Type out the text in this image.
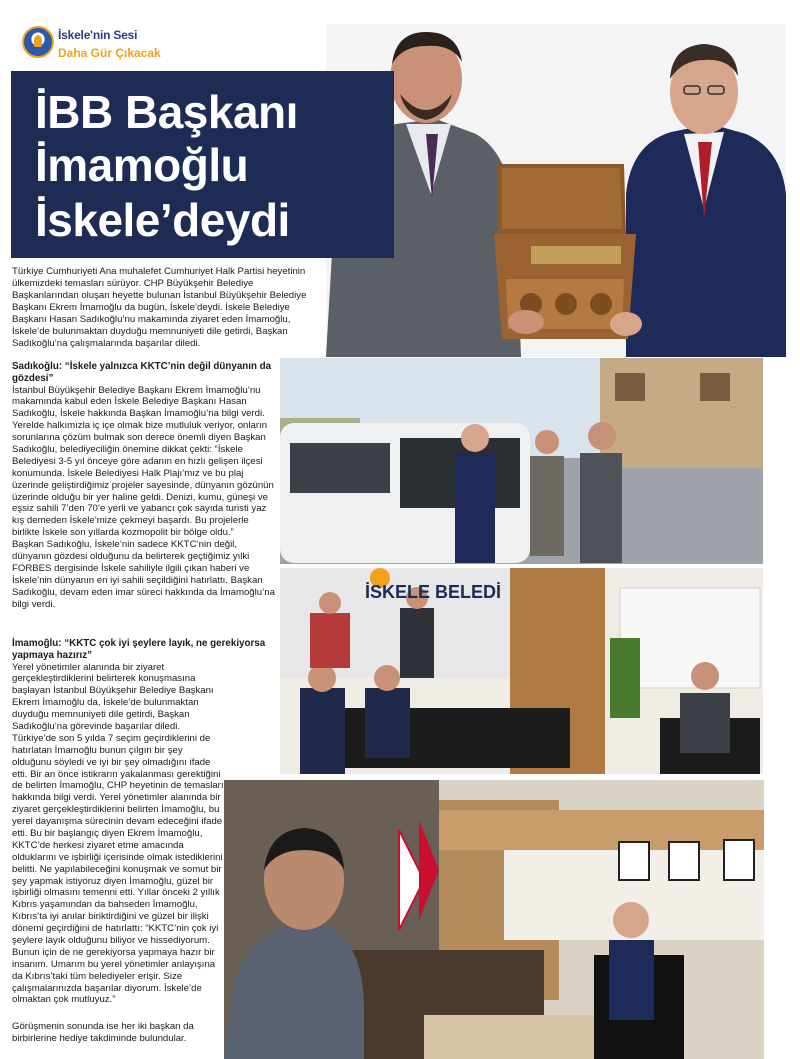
İskele'nin Sesi
Daha Gür Çıkacak
İBB Başkanı
İmamoğlu
İskele’deydi
Türkiye Cumhuriyeti Ana muhalefet Cumhuriyet Halk Partisi heyetinin ülkemizdeki temasları sürüyor. CHP Büyükşehir Belediye Başkanlarından oluşan heyette bulunan İstanbul Büyükşehir Belediye Başkanı Ekrem İmamoğlu da bugün, İskele’deydi. İskele Belediye Başkanı Hasan Sadıkoğlu’nu makamında ziyaret eden İmamoğlu, İskele’de bulunmaktan duyduğu memnuniyeti dile getirdi, Başkan Sadıkoğlu’na çalışmalarında başarılar diledi.
Sadıkoğlu: “İskele yalnızca KKTC’nin değil dünyanın da gözdesi”
İstanbul Büyükşehir Belediye Başkanı Ekrem İmamoğlu’nu makamında kabul eden İskele Belediye Başkanı Hasan Sadıkoğlu, İskele hakkında Başkan İmamoğlu’na bilgi verdi.
Yerelde halkımızla iç içe olmak bize mutluluk veriyor, onların sorunlarına çözüm bulmak son derece önemli diyen Başkan Sadıkoğlu, belediyeciliğin önemine dikkat çekti: “İskele Belediyesi 3-5 yıl önceye göre adanın en hızlı gelişen ilçesi konumunda. İskele Belediyesi Halk Plajı’mız ve bu plaj üzerinde geliştirdiğimiz projeler sayesinde, dünyanın gözünün üzerinde olduğu bir yer haline geldi. Denizi, kumu, güneşi ve eşsiz sahili 7’den 70’e yerli ve yabancı çok sayıda turisti yaz kış demeden İskele’mize çekmeyi başardı. Bu projelerle birlikte İskele son yıllarda kozmopolit bir bölge oldu.”
Başkan Sadıkoğlu, İskele’nin sadece KKTC’nin değil, dünyanın gözdesi olduğunu da belirterek geçtiğimiz yılki FORBES dergisinde İskele sahiliyle ilgili çıkan haberi ve İskele’nin dünyanın en iyi sahili seçildiğini hatırlattı. Başkan Sadıkoğlu, devam eden imar süreci hakkında da İmamoğlu’na bilgi verdi.
İmamoğlu: “KKTC çok iyi şeylere layık, ne gerekiyorsa yapmaya hazırız”
Yerel yönetimler alanında bir ziyaret gerçekleştirdiklerini belirterek konuşmasına başlayan İstanbul Büyükşehir Belediye Başkanı Ekrem İmamoğlu da, İskele’de bulunmaktan duyduğu memnuniyeti dile getirdi, Başkan Sadıkoğlu’na görevinde başarılar diledi. Türkiye’de son 5 yılda 7 seçim geçirdiklerini de hatırlatan İmamoğlu bunun çılgın bir şey olduğunu söyledi ve iyi bir şey olmadığını ifade etti. Bir an önce istikrarın yakalanması gerektiğini de belirten İmamoğlu, CHP heyetinin de temasları hakkında bilgi verdi. Yerel yönetimler alanında bir ziyaret gerçekleştirdiklerini belirten İmamoğlu, bu yerel dayanışma sürecinin devam edeceğini ifade etti. Bu bir başlangıç diyen Ekrem İmamoğlu, KKTC’de herkesi ziyaret etme amacında olduklarını ve işbirliği içerisinde olmak istediklerini belitti. Ne yapılabileceğini konuşmak ve somut bir şey yapmak istiyoruz diyen İmamoğlu, güzel bir işbirliği olmasını temenni etti. Yıllar önceki 2 yıllık Kıbrıs yaşamından da bahseden İmamoğlu, Kıbrıs’ta iyi anılar biriktirdiğini ve güzel bir ilişki dönemi geçirdiğini de hatırlattı: “KKTC’nin çok iyi şeylere layık olduğunu biliyor ve hissediyorum. Bunun için de ne gerekiyorsa yapmaya hazır bir insanım. Umarım bu yerel yönetimler anlayışına da Kıbrıs’taki tüm belediyeler erişir. Size çalışmalarınızda başarılar diyorum. İskele’de olmaktan çok mutluyuz.”
Görüşmenin sonunda ise her iki başkan da birbirlerine hediye takdiminde bulundular.
İSKELE BELEDİ
